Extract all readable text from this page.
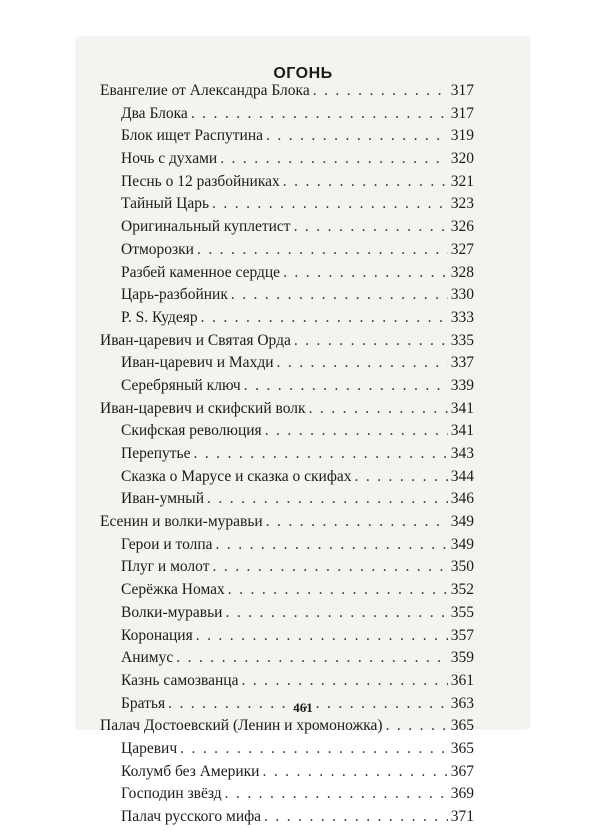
ОГОНЬ
Евангелие от Александра Блока . . .	317
Два Блока . . .	317
Блок ищет Распутина . . .	319
Ночь с духами . . .	320
Песнь о 12 разбойниках . . .	321
Тайный Царь . . .	323
Оригинальный куплетист . . .	326
Отморозки . . .	327
Разбей каменное сердце . . .	328
Царь-разбойник . . .	330
P. S. Кудеяр . . .	333
Иван-царевич и Святая Орда . . .	335
Иван-царевич и Махди . . .	337
Серебряный ключ . . .	339
Иван-царевич и скифский волк . . .	341
Скифская революция . . .	341
Перепутье . . .	343
Сказка о Марусе и сказка о скифах . . .	344
Иван-умный . . .	346
Есенин и волки-муравьи . . .	349
Герои и толпа . . .	349
Плуг и молот . . .	350
Серёжка Номах . . .	352
Волки-муравьи . . .	355
Коронация . . .	357
Анимус . . .	359
Казнь самозванца . . .	361
Братья . . .	363
Палач Достоевский (Ленин и хромоножка) . . .	365
Царевич . . .	365
Колумб без Америки . . .	367
Господин звёзд . . .	369
Палач русского мифа . . .	371
461
